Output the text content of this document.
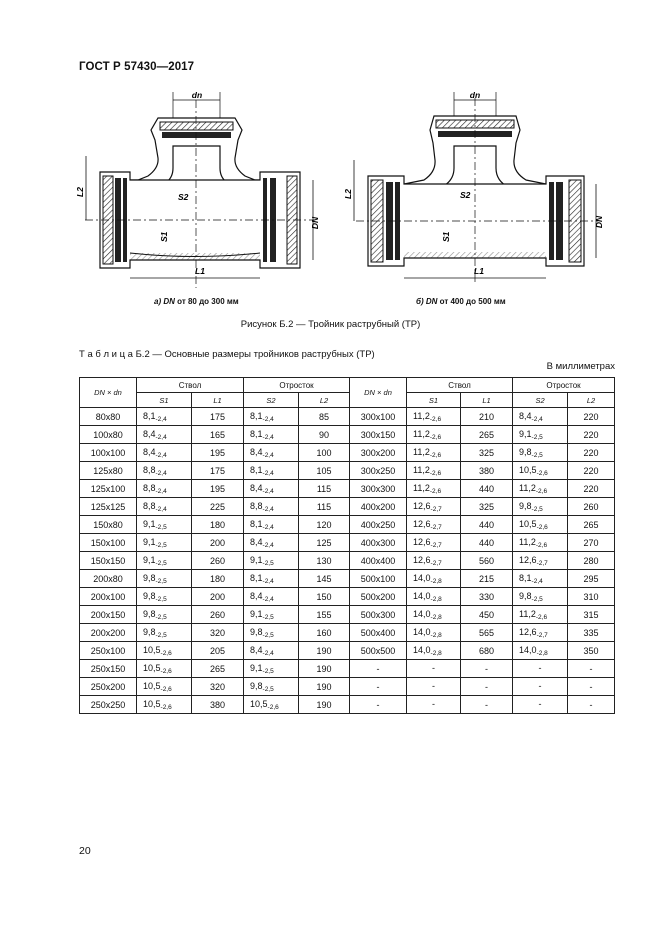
ГОСТ Р 57430—2017
dn
L2	S2
S1
DN
L1
а) DN от 80 до 300 мм
dn
L2	S2
S1
DN
L1
б) DN от 400 до 500 мм
Рисунок Б.2 — Тройник раструбный (ТР)
Т а б л и ц а Б.2 — Основные размеры тройников раструбных (ТР)
В миллиметрах
DN × dn	Ствол		Отросток		DN × dn	Ствол		Отросток	
	S1	L1	S2	L2		S1	L1	S2	L2
80x80	$8,1_{-2,4}$	175	$8,1_{-2,4}$	85	300x100	$11,2_{-2,6}$	210	$8,4_{-2,4}$	220
100x80	$8,4_{-2,4}$	165	$8,1_{-2,4}$	90	300x150	$11,2_{-2,6}$	265	$9,1_{-2,5}$	220
100x100	$8,4_{-2,4}$	195	$8,4_{-2,4}$	100	300x200	$11,2_{-2,6}$	325	$9,8_{-2,5}$	220
125x80	$8,8_{-2,4}$	175	$8,1_{-2,4}$	105	300x250	$11,2_{-2,6}$	380	$10,5_{-2,6}$	220
125x100	$8,8_{-2,4}$	195	$8,4_{-2,4}$	115	300x300	$11,2_{-2,6}$	440	$11,2_{-2,6}$	220
125x125	$8,8_{-2,4}$	225	$8,8_{-2,4}$	115	400x200	$12,6_{-2,7}$	325	$9,8_{-2,5}$	260
150x80	$9,1_{-2,5}$	180	$8,1_{-2,4}$	120	400x250	$12,6_{-2,7}$	440	$10,5_{-2,6}$	265
150x100	$9,1_{-2,5}$	200	$8,4_{-2,4}$	125	400x300	$12,6_{-2,7}$	440	$11,2_{-2,6}$	270
150x150	$9,1_{-2,5}$	260	$9,1_{-2,5}$	130	400x400	$12,6_{-2,7}$	560	$12,6_{-2,7}$	280
200x80	$9,8_{-2,5}$	180	$8,1_{-2,4}$	145	500x100	$14,0_{-2,8}$	215	$8,1_{-2,4}$	295
200x100	$9,8_{-2,5}$	200	$8,4_{-2,4}$	150	500x200	$14,0_{-2,8}$	330	$9,8_{-2,5}$	310
200x150	$9,8_{-2,5}$	260	$9,1_{-2,5}$	155	500x300	$14,0_{-2,8}$	450	$11,2_{-2,6}$	315
200x200	$9,8_{-2,5}$	320	$9,8_{-2,5}$	160	500x400	$14,0_{-2,8}$	565	$12,6_{-2,7}$	335
250x100	$10,5_{-2,6}$	205	$8,4_{-2,4}$	190	500x500	$14,0_{-2,8}$	680	$14,0_{-2,8}$	350
250x150	$10,5_{-2,6}$	265	$9,1_{-2,5}$	190	-	-	-	-	-
250x200	$10,5_{-2,6}$	320	$9,8_{-2,5}$	190	-	-	-	-	-
250x250	$10,5_{-2,6}$	380	$10,5_{-2,6}$	190	-	-	-	-	-
20
